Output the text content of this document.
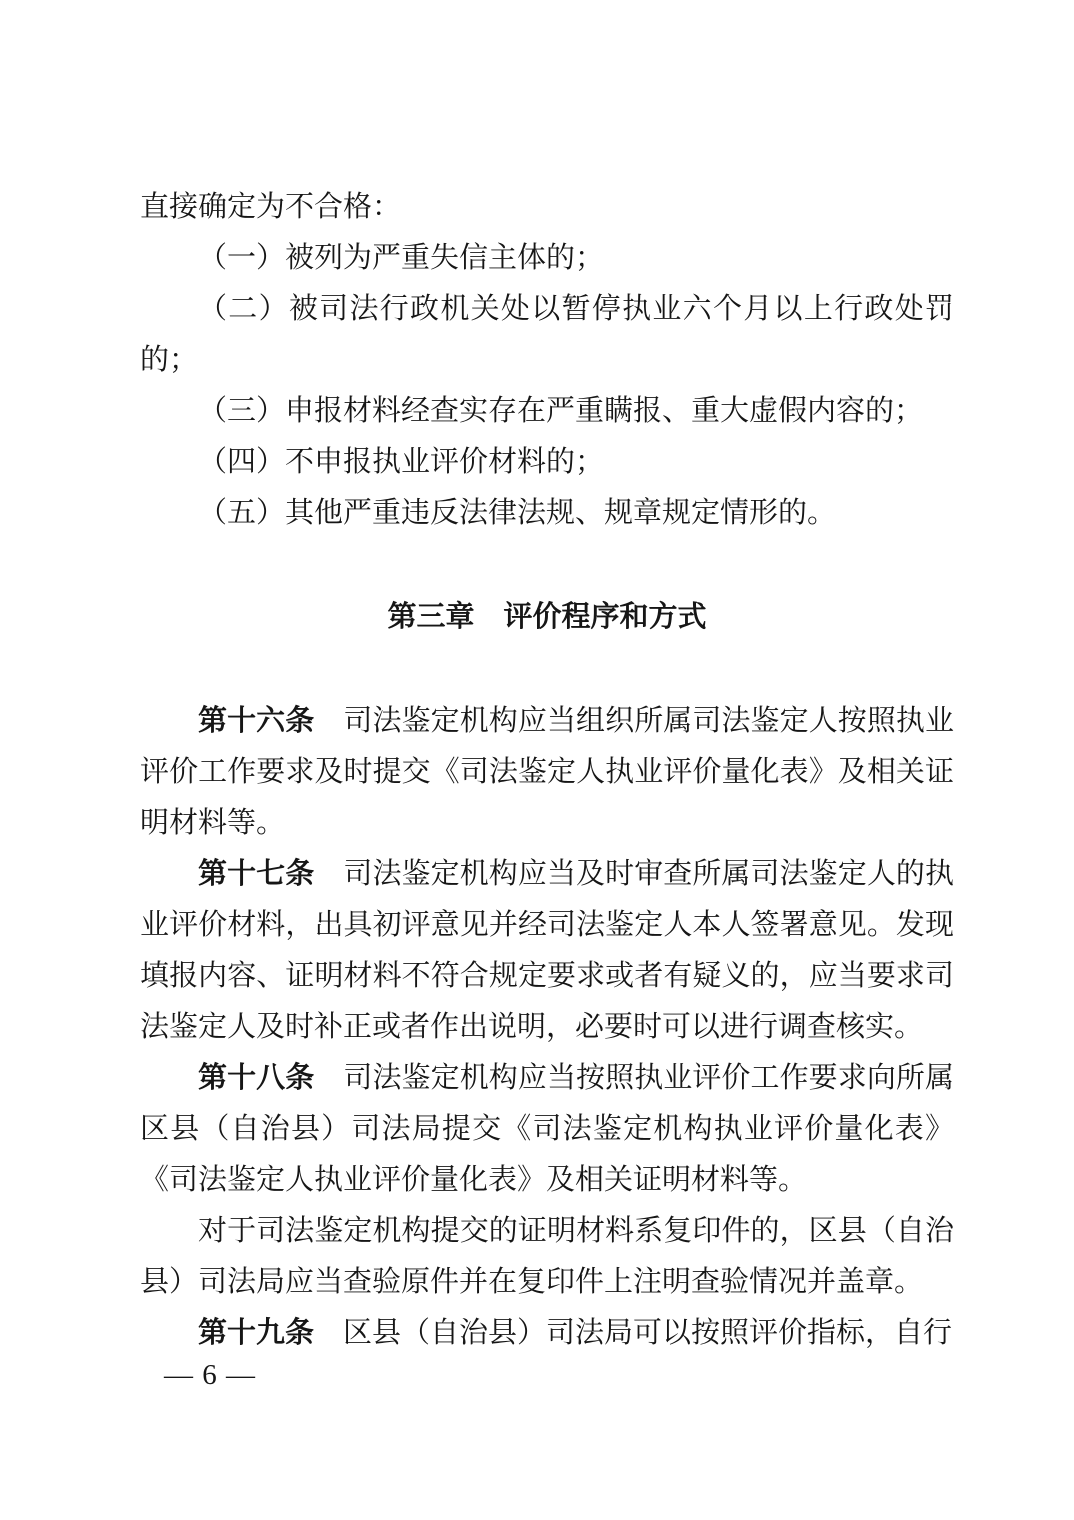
直接确定为不合格：

（一）被列为严重失信主体的；

（二）被司法行政机关处以暂停执业六个月以上行政处罚的；

（三）申报材料经查实存在严重瞒报、重大虚假内容的；

（四）不申报执业评价材料的；

（五）其他严重违反法律法规、规章规定情形的。

第三章　评价程序和方式

第十六条　司法鉴定机构应当组织所属司法鉴定人按照执业评价工作要求及时提交《司法鉴定人执业评价量化表》及相关证明材料等。

第十七条　司法鉴定机构应当及时审查所属司法鉴定人的执业评价材料，出具初评意见并经司法鉴定人本人签署意见。发现填报内容、证明材料不符合规定要求或者有疑义的，应当要求司法鉴定人及时补正或者作出说明，必要时可以进行调查核实。

第十八条　司法鉴定机构应当按照执业评价工作要求向所属区县（自治县）司法局提交《司法鉴定机构执业评价量化表》《司法鉴定人执业评价量化表》及相关证明材料等。

对于司法鉴定机构提交的证明材料系复印件的，区县（自治县）司法局应当查验原件并在复印件上注明查验情况并盖章。

第十九条　区县（自治县）司法局可以按照评价指标，自行

— 6 —
